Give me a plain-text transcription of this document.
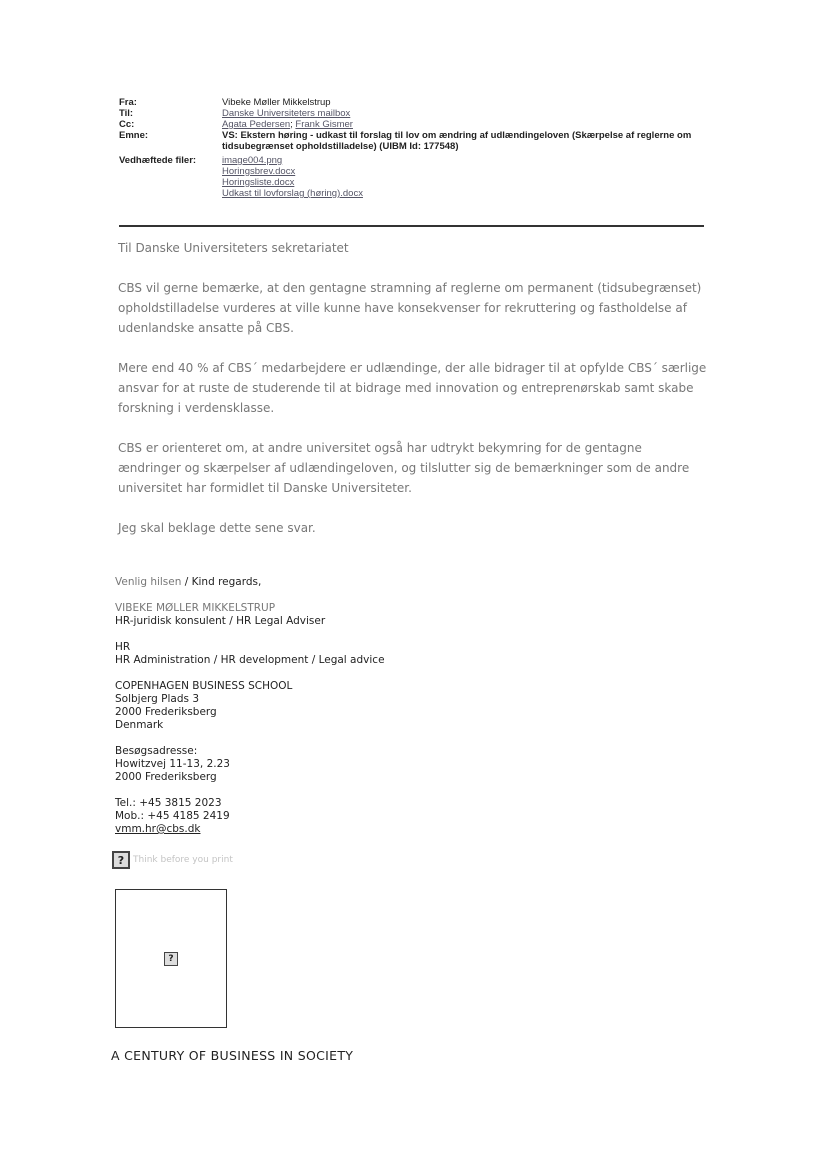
Fra:	Vibeke Møller Mikkelstrup
Til:	Danske Universiteters mailbox
Cc:	Agata Pedersen; Frank Gismer
Emne:	VS: Ekstern høring - udkast til forslag til lov om ændring af udlændingeloven (Skærpelse af reglerne om tidsubegrænset opholdstilladelse) (UIBM Id: 177548)
Vedhæftede filer:	image004.png
Horingsbrev.docx
Horingsliste.docx
Udkast til lovforslag (høring).docx

Til Danske Universiteters sekretariatet

CBS vil gerne bemærke, at den gentagne stramning af reglerne om permanent (tidsubegrænset) opholdstilladelse vurderes at ville kunne have konsekvenser for rekruttering og fastholdelse af udenlandske ansatte på CBS.

Mere end 40 % af CBS´ medarbejdere er udlændinge, der alle bidrager til at opfylde CBS´ særlige ansvar for at ruste de studerende til at bidrage med innovation og entreprenørskab samt skabe forskning i verdensklasse.

CBS er orienteret om, at andre universitet også har udtrykt bekymring for de gentagne ændringer og skærpelser af udlændingeloven, og tilslutter sig de bemærkninger som de andre universitet har formidlet til Danske Universiteter.

Jeg skal beklage dette sene svar.

Venlig hilsen / Kind regards,
VIBEKE MØLLER MIKKELSTRUP
HR-juridisk konsulent / HR Legal Adviser
HR
HR Administration / HR development / Legal advice
COPENHAGEN BUSINESS SCHOOL
Solbjerg Plads 3
2000 Frederiksberg
Denmark
Besøgsadresse:
Howitzvej 11-13, 2.23
2000 Frederiksberg
Tel.: +45 3815 2023
Mob.: +45 4185 2419
vmm.hr@cbs.dk
? Think before you print
?
A CENTURY OF BUSINESS IN SOCIETY
